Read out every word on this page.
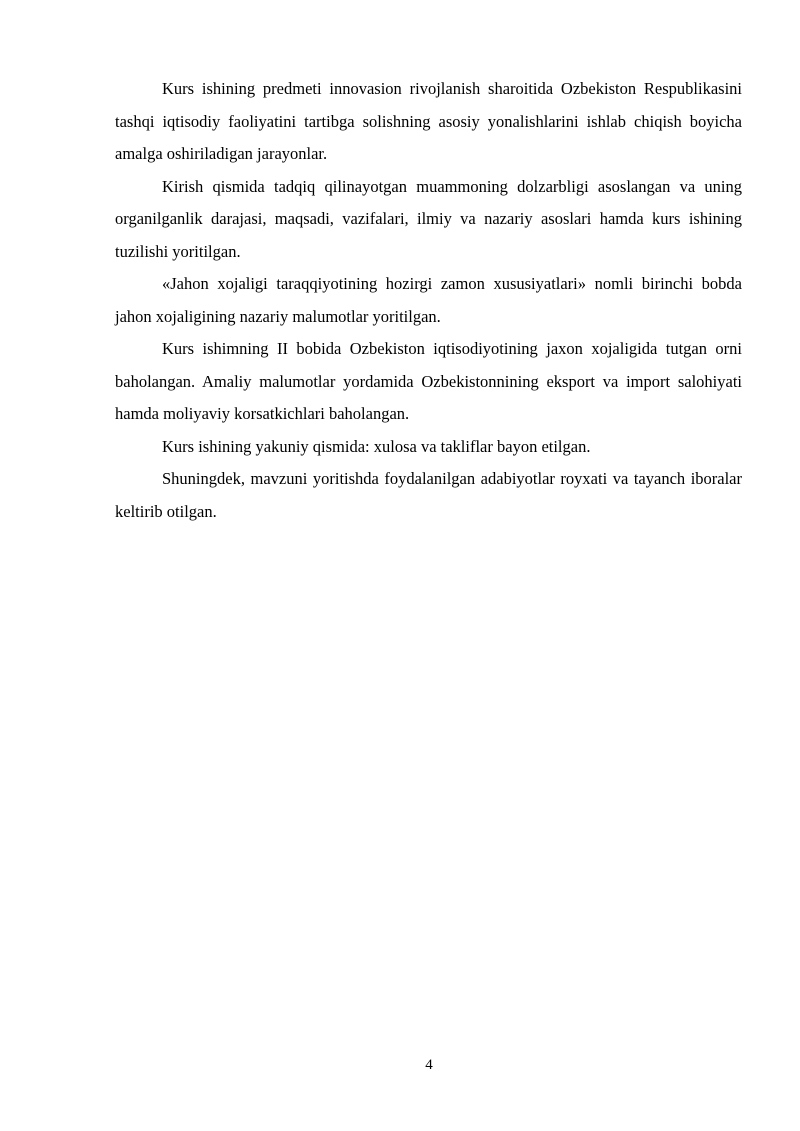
Kurs ishining predmeti innovasion rivojlanish sharoitida Ozbekiston Respublikasini tashqi iqtisodiy faoliyatini tartibga solishning asosiy yonalishlarini ishlab chiqish boyicha amalga oshiriladigan jarayonlar.

Kirish qismida tadqiq qilinayotgan muammoning dolzarbligi asoslangan va uning organilganlik darajasi, maqsadi, vazifalari, ilmiy va nazariy asoslari hamda kurs ishining tuzilishi yoritilgan.

«Jahon xojaligi taraqqiyotining hozirgi zamon xususiyatlari» nomli birinchi bobda jahon xojaligining nazariy malumotlar yoritilgan.

Kurs ishimning II bobida Ozbekiston iqtisodiyotining jaxon xojaligida tutgan orni baholangan. Amaliy malumotlar yordamida Ozbekistonnining eksport va import salohiyati hamda moliyaviy korsatkichlari baholangan.

Kurs ishining yakuniy qismida: xulosa va takliflar bayon etilgan.

Shuningdek, mavzuni yoritishda foydalanilgan adabiyotlar royxati va tayanch iboralar keltirib otilgan.

4
